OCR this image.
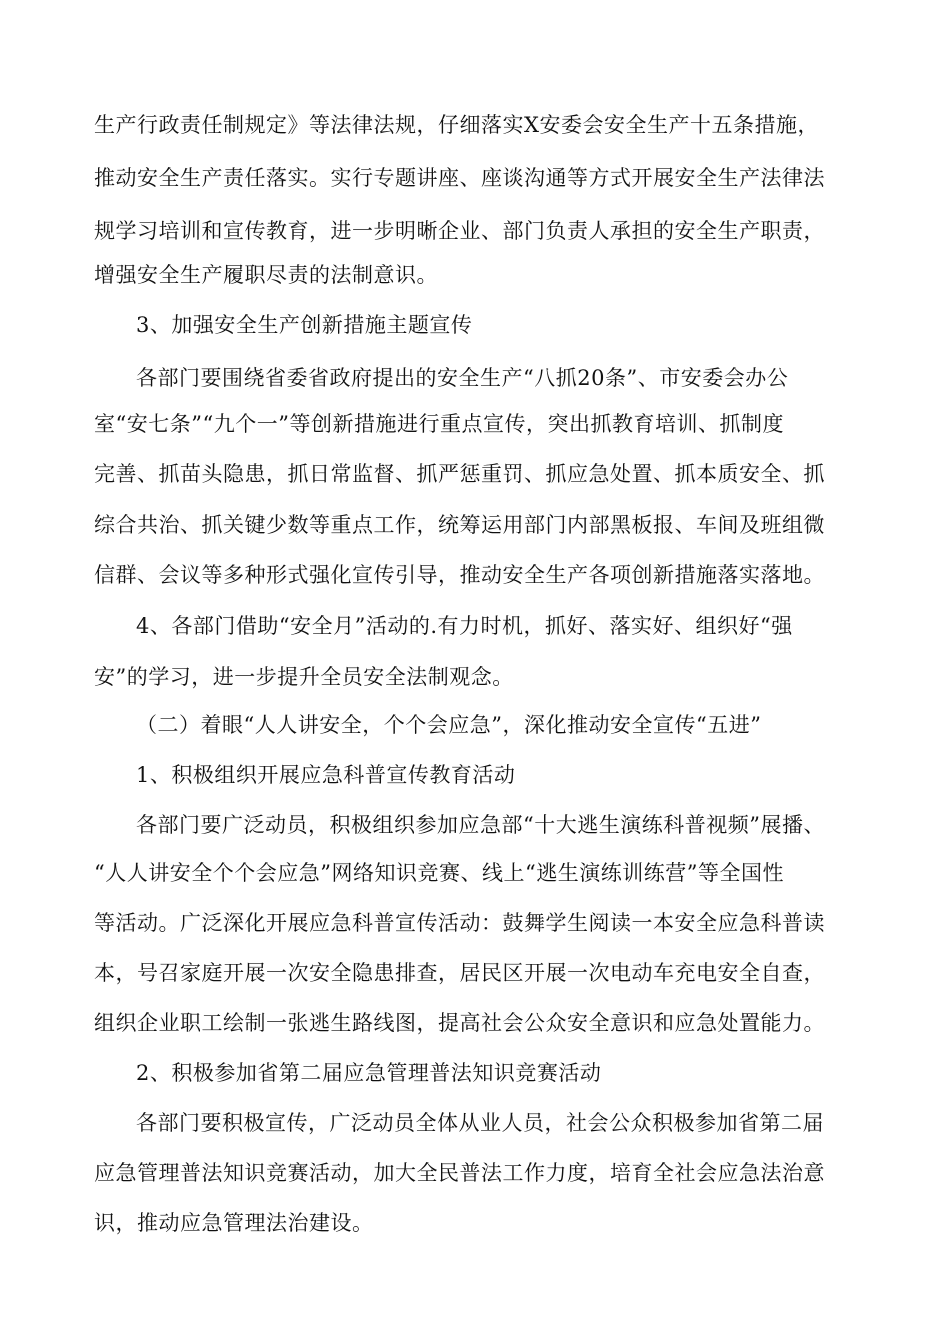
生产行政责任制规定》等法律法规，仔细落实X安委会安全生产十五条措施，
推动安全生产责任落实。实行专题讲座、座谈沟通等方式开展安全生产法律法
规学习培训和宣传教育，进一步明晰企业、部门负责人承担的安全生产职责，
增强安全生产履职尽责的法制意识。
3、加强安全生产创新措施主题宣传
各部门要围绕省委省政府提出的安全生产“八抓20条”、市安委会办公
室“安七条”“九个一”等创新措施进行重点宣传，突出抓教育培训、抓制度
完善、抓苗头隐患，抓日常监督、抓严惩重罚、抓应急处置、抓本质安全、抓
综合共治、抓关键少数等重点工作，统筹运用部门内部黑板报、车间及班组微
信群、会议等多种形式强化宣传引导，推动安全生产各项创新措施落实落地。
4、各部门借助“安全月”活动的.有力时机，抓好、落实好、组织好“强
安”的学习，进一步提升全员安全法制观念。
（二）着眼“人人讲安全，个个会应急”，深化推动安全宣传“五进”
1、积极组织开展应急科普宣传教育活动
各部门要广泛动员，积极组织参加应急部“十大逃生演练科普视频”展播、
“人人讲安全个个会应急”网络知识竞赛、线上“逃生演练训练营”等全国性
等活动。广泛深化开展应急科普宣传活动：鼓舞学生阅读一本安全应急科普读
本，号召家庭开展一次安全隐患排查，居民区开展一次电动车充电安全自查，
组织企业职工绘制一张逃生路线图，提高社会公众安全意识和应急处置能力。
2、积极参加省第二届应急管理普法知识竞赛活动
各部门要积极宣传，广泛动员全体从业人员，社会公众积极参加省第二届
应急管理普法知识竞赛活动，加大全民普法工作力度，培育全社会应急法治意
识，推动应急管理法治建设。
